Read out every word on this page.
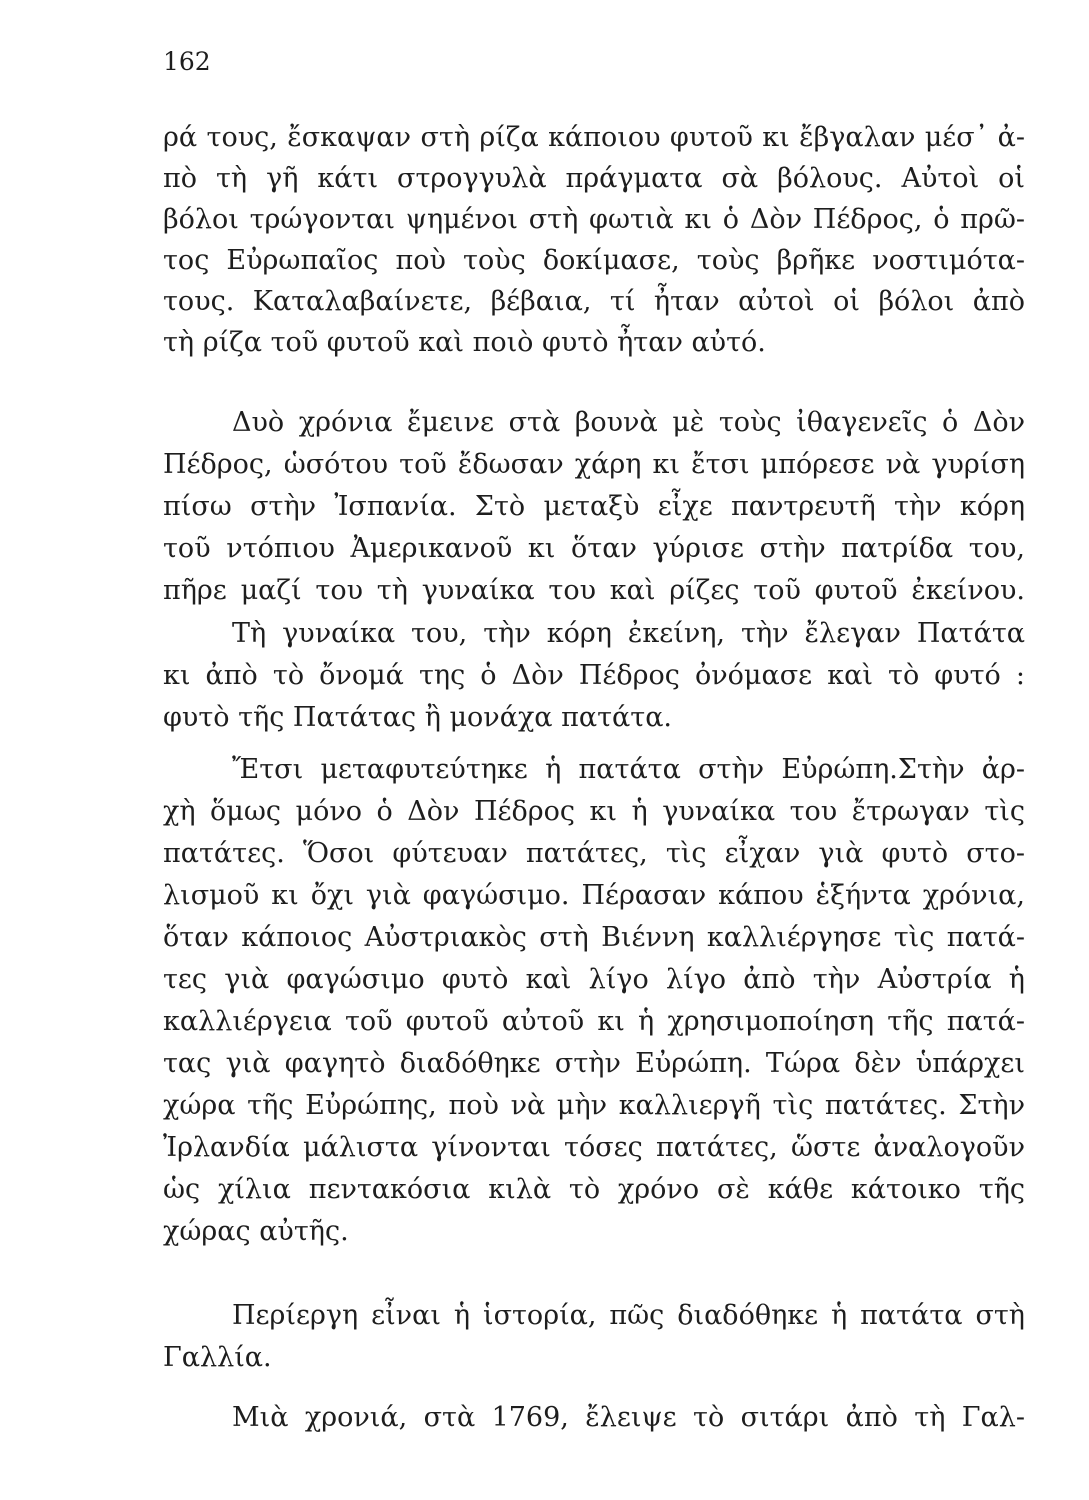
162
ρά τους, ἔσκαψαν στὴ ρίζα κάποιου φυτοῦ κι ἔβγαλαν μέσ᾽ ἀ-
πὸ τὴ γῆ κάτι στρογγυλὰ πράγματα σὰ βόλους. Αὐτοὶ οἱ
βόλοι τρώγονται ψημένοι στὴ φωτιὰ κι ὁ Δὸν Πέδρος, ὁ πρῶ-
τος Εὐρωπαῖος ποὺ τοὺς δοκίμασε, τοὺς βρῆκε νοστιμότα-
τους. Καταλαβαίνετε, βέβαια, τί ἦταν αὐτοὶ οἱ βόλοι ἀπὸ
τὴ ρίζα τοῦ φυτοῦ καὶ ποιὸ φυτὸ ἦταν αὐτό.
Δυὸ χρόνια ἔμεινε στὰ βουνὰ μὲ τοὺς ἰθαγενεῖς ὁ Δὸν
Πέδρος, ὡσότου τοῦ ἔδωσαν χάρη κι ἔτσι μπόρεσε νὰ γυρίση
πίσω στὴν Ἰσπανία. Στὸ μεταξὺ εἶχε παντρευτῆ τὴν κόρη
τοῦ ντόπιου Ἀμερικανοῦ κι ὅταν γύρισε στὴν πατρίδα του,
πῆρε μαζί του τὴ γυναίκα του καὶ ρίζες τοῦ φυτοῦ ἐκείνου.
Τὴ γυναίκα του, τὴν κόρη ἐκείνη, τὴν ἔλεγαν Πατάτα
κι ἀπὸ τὸ ὄνομά της ὁ Δὸν Πέδρος ὀνόμασε καὶ τὸ φυτό :
φυτὸ τῆς Πατάτας ἢ μονάχα πατάτα.
Ἔτσι μεταφυτεύτηκε ἡ πατάτα στὴν Εὐρώπη.Στὴν ἀρ-
χὴ ὅμως μόνο ὁ Δὸν Πέδρος κι ἡ γυναίκα του ἔτρωγαν τὶς
πατάτες. Ὅσοι φύτευαν πατάτες, τὶς εἶχαν γιὰ φυτὸ στο-
λισμοῦ κι ὄχι γιὰ φαγώσιμο. Πέρασαν κάπου ἑξήντα χρόνια,
ὅταν κάποιος Αὐστριακὸς στὴ Βιέννη καλλιέργησε τὶς πατά-
τες γιὰ φαγώσιμο φυτὸ καὶ λίγο λίγο ἀπὸ τὴν Αὐστρία ἡ
καλλιέργεια τοῦ φυτοῦ αὐτοῦ κι ἡ χρησιμοποίηση τῆς πατά-
τας γιὰ φαγητὸ διαδόθηκε στὴν Εὐρώπη. Τώρα δὲν ὑπάρχει
χώρα τῆς Εὐρώπης, ποὺ νὰ μὴν καλλιεργῆ τὶς πατάτες. Στὴν
Ἰρλανδία μάλιστα γίνονται τόσες πατάτες, ὥστε ἀναλογοῦν
ὡς χίλια πεντακόσια κιλὰ τὸ χρόνο σὲ κάθε κάτοικο τῆς
χώρας αὐτῆς.
Περίεργη εἶναι ἡ ἱστορία, πῶς διαδόθηκε ἡ πατάτα στὴ
Γαλλία.
Μιὰ χρονιά, στὰ 1769, ἔλειψε τὸ σιτάρι ἀπὸ τὴ Γαλ-
